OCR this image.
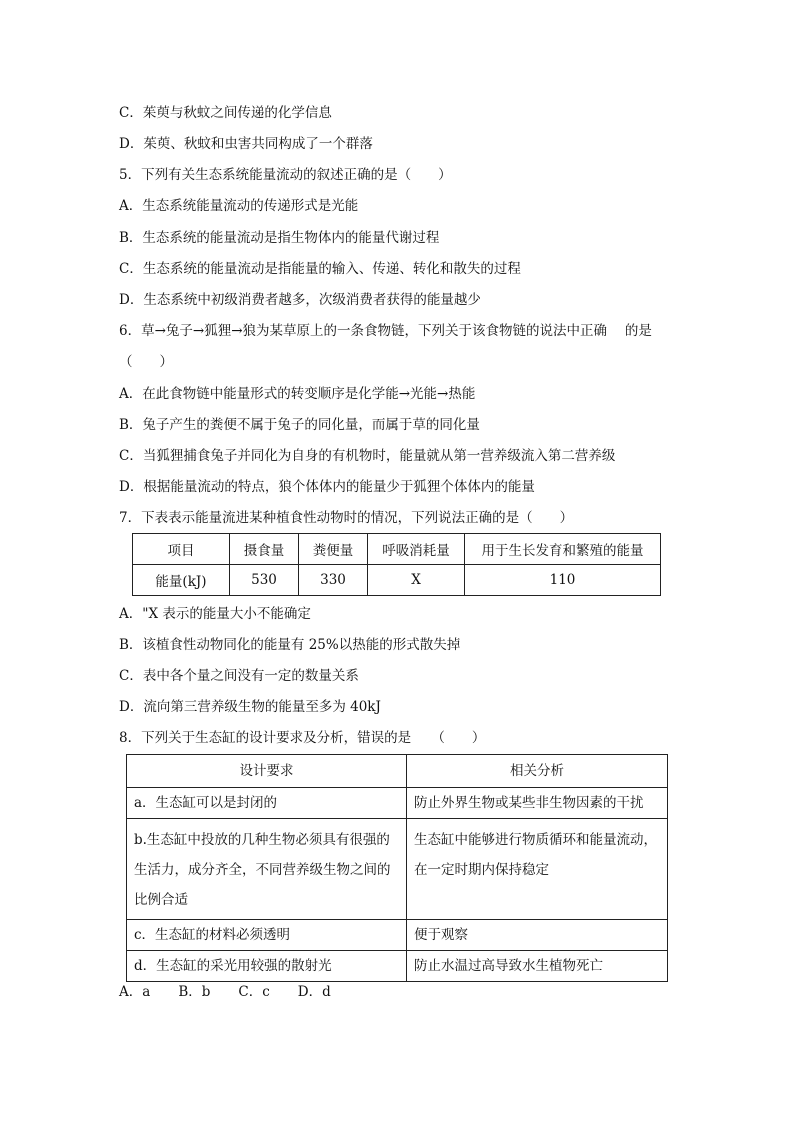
C．茱萸与秋蚊之间传递的化学信息
D．茱萸、秋蚊和虫害共同构成了一个群落
5．下列有关生态系统能量流动的叙述正确的是（　　）
A．生态系统能量流动的传递形式是光能
B．生态系统的能量流动是指生物体内的能量代谢过程
C．生态系统的能量流动是指能量的输入、传递、转化和散失的过程
D．生态系统中初级消费者越多，次级消费者获得的能量越少
6．草→兔子→狐狸→狼为某草原上的一条食物链，下列关于该食物链的说法中正确　 的是
（　　）
A．在此食物链中能量形式的转变顺序是化学能→光能→热能
B．兔子产生的粪便不属于兔子的同化量，而属于草的同化量
C．当狐狸捕食兔子并同化为自身的有机物时，能量就从第一营养级流入第二营养级
D．根据能量流动的特点，狼个体体内的能量少于狐狸个体体内的能量
7．下表表示能量流进某种植食性动物时的情况，下列说法正确的是（　　）
项目	摄食量	粪便量	呼吸消耗量	用于生长发育和繁殖的能量
能量(kJ)	530	330	X	110
A．"X 表示的能量大小不能确定
B．该植食性动物同化的能量有 25%以热能的形式散失掉
C．表中各个量之间没有一定的数量关系
D．流向第三营养级生物的能量至多为 40kJ
8．下列关于生态缸的设计要求及分析，错误的是　　（　　）
设计要求	相关分析
a．生态缸可以是封闭的	防止外界生物或某些非生物因素的干扰
b.生态缸中投放的几种生物必须具有很强的生活力，成分齐全，不同营养级生物之间的比例合适	生态缸中能够进行物质循环和能量流动，在一定时期内保持稳定
c．生态缸的材料必须透明	便于观察
d．生态缸的采光用较强的散射光	防止水温过高导致水生植物死亡
A．a B．b C．c D．d
